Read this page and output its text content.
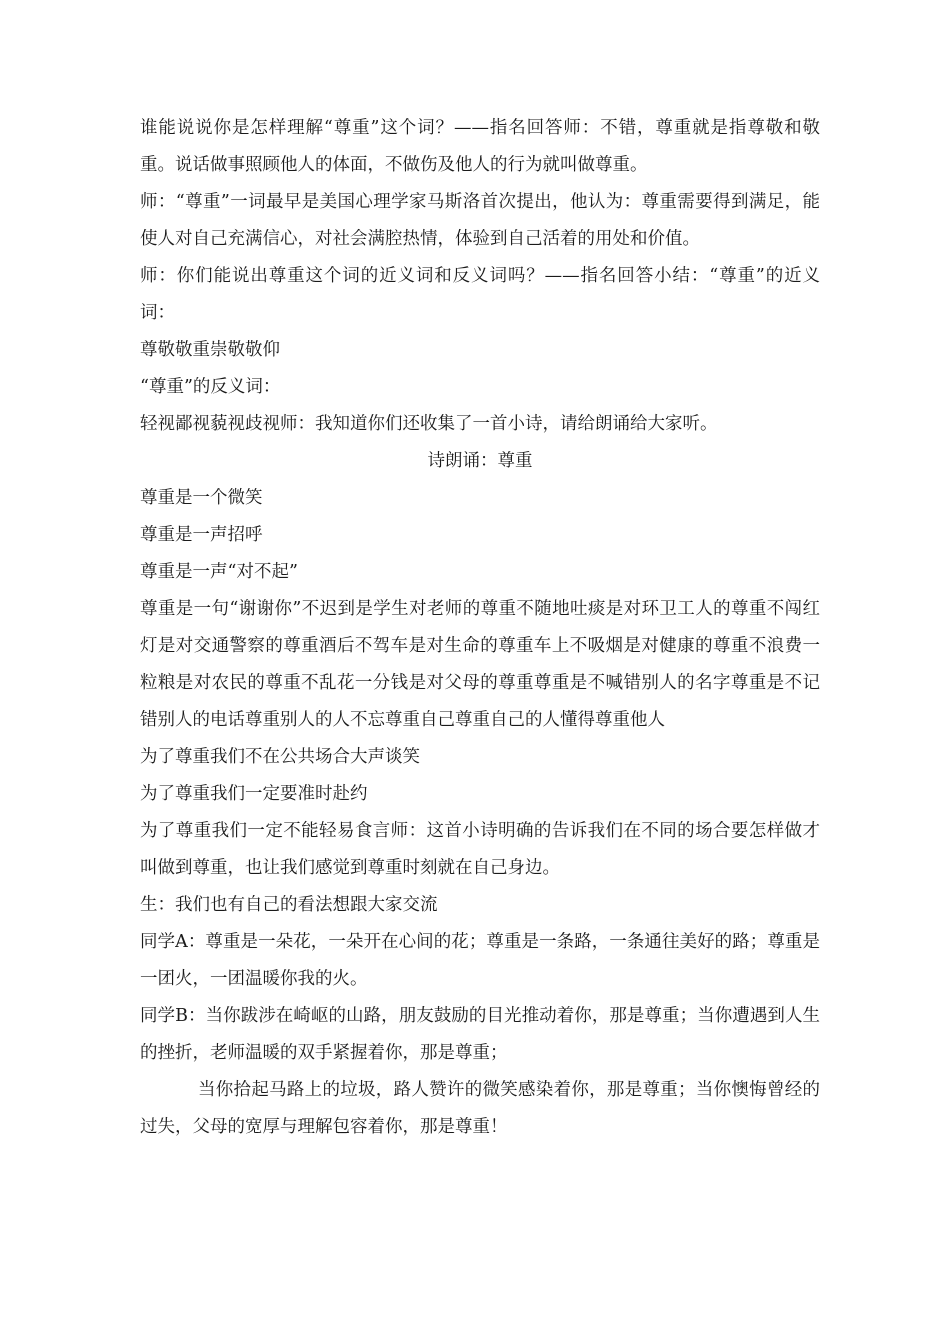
谁能说说你是怎样理解“尊重”这个词？——指名回答师：不错，尊重就是指尊敬和敬重。说话做事照顾他人的体面，不做伤及他人的行为就叫做尊重。

师：“尊重”一词最早是美国心理学家马斯洛首次提出，他认为：尊重需要得到满足，能使人对自己充满信心，对社会满腔热情，体验到自己活着的用处和价值。

师：你们能说出尊重这个词的近义词和反义词吗？——指名回答小结：“尊重”的近义词：

尊敬敬重崇敬敬仰

“尊重”的反义词：

轻视鄙视藐视歧视师：我知道你们还收集了一首小诗，请给朗诵给大家听。

诗朗诵：尊重

尊重是一个微笑

尊重是一声招呼

尊重是一声“对不起”

尊重是一句“谢谢你”不迟到是学生对老师的尊重不随地吐痰是对环卫工人的尊重不闯红灯是对交通警察的尊重酒后不驾车是对生命的尊重车上不吸烟是对健康的尊重不浪费一粒粮是对农民的尊重不乱花一分钱是对父母的尊重尊重是不喊错别人的名字尊重是不记错别人的电话尊重别人的人不忘尊重自己尊重自己的人懂得尊重他人

为了尊重我们不在公共场合大声谈笑

为了尊重我们一定要准时赴约

为了尊重我们一定不能轻易食言师：这首小诗明确的告诉我们在不同的场合要怎样做才叫做到尊重，也让我们感觉到尊重时刻就在自己身边。

生：我们也有自己的看法想跟大家交流

同学A：尊重是一朵花，一朵开在心间的花；尊重是一条路，一条通往美好的路；尊重是一团火，一团温暖你我的火。

同学B：当你跋涉在崎岖的山路，朋友鼓励的目光推动着你，那是尊重；当你遭遇到人生的挫折，老师温暖的双手紧握着你，那是尊重；

当你拾起马路上的垃圾，路人赞许的微笑感染着你，那是尊重；当你懊悔曾经的过失，父母的宽厚与理解包容着你，那是尊重！
